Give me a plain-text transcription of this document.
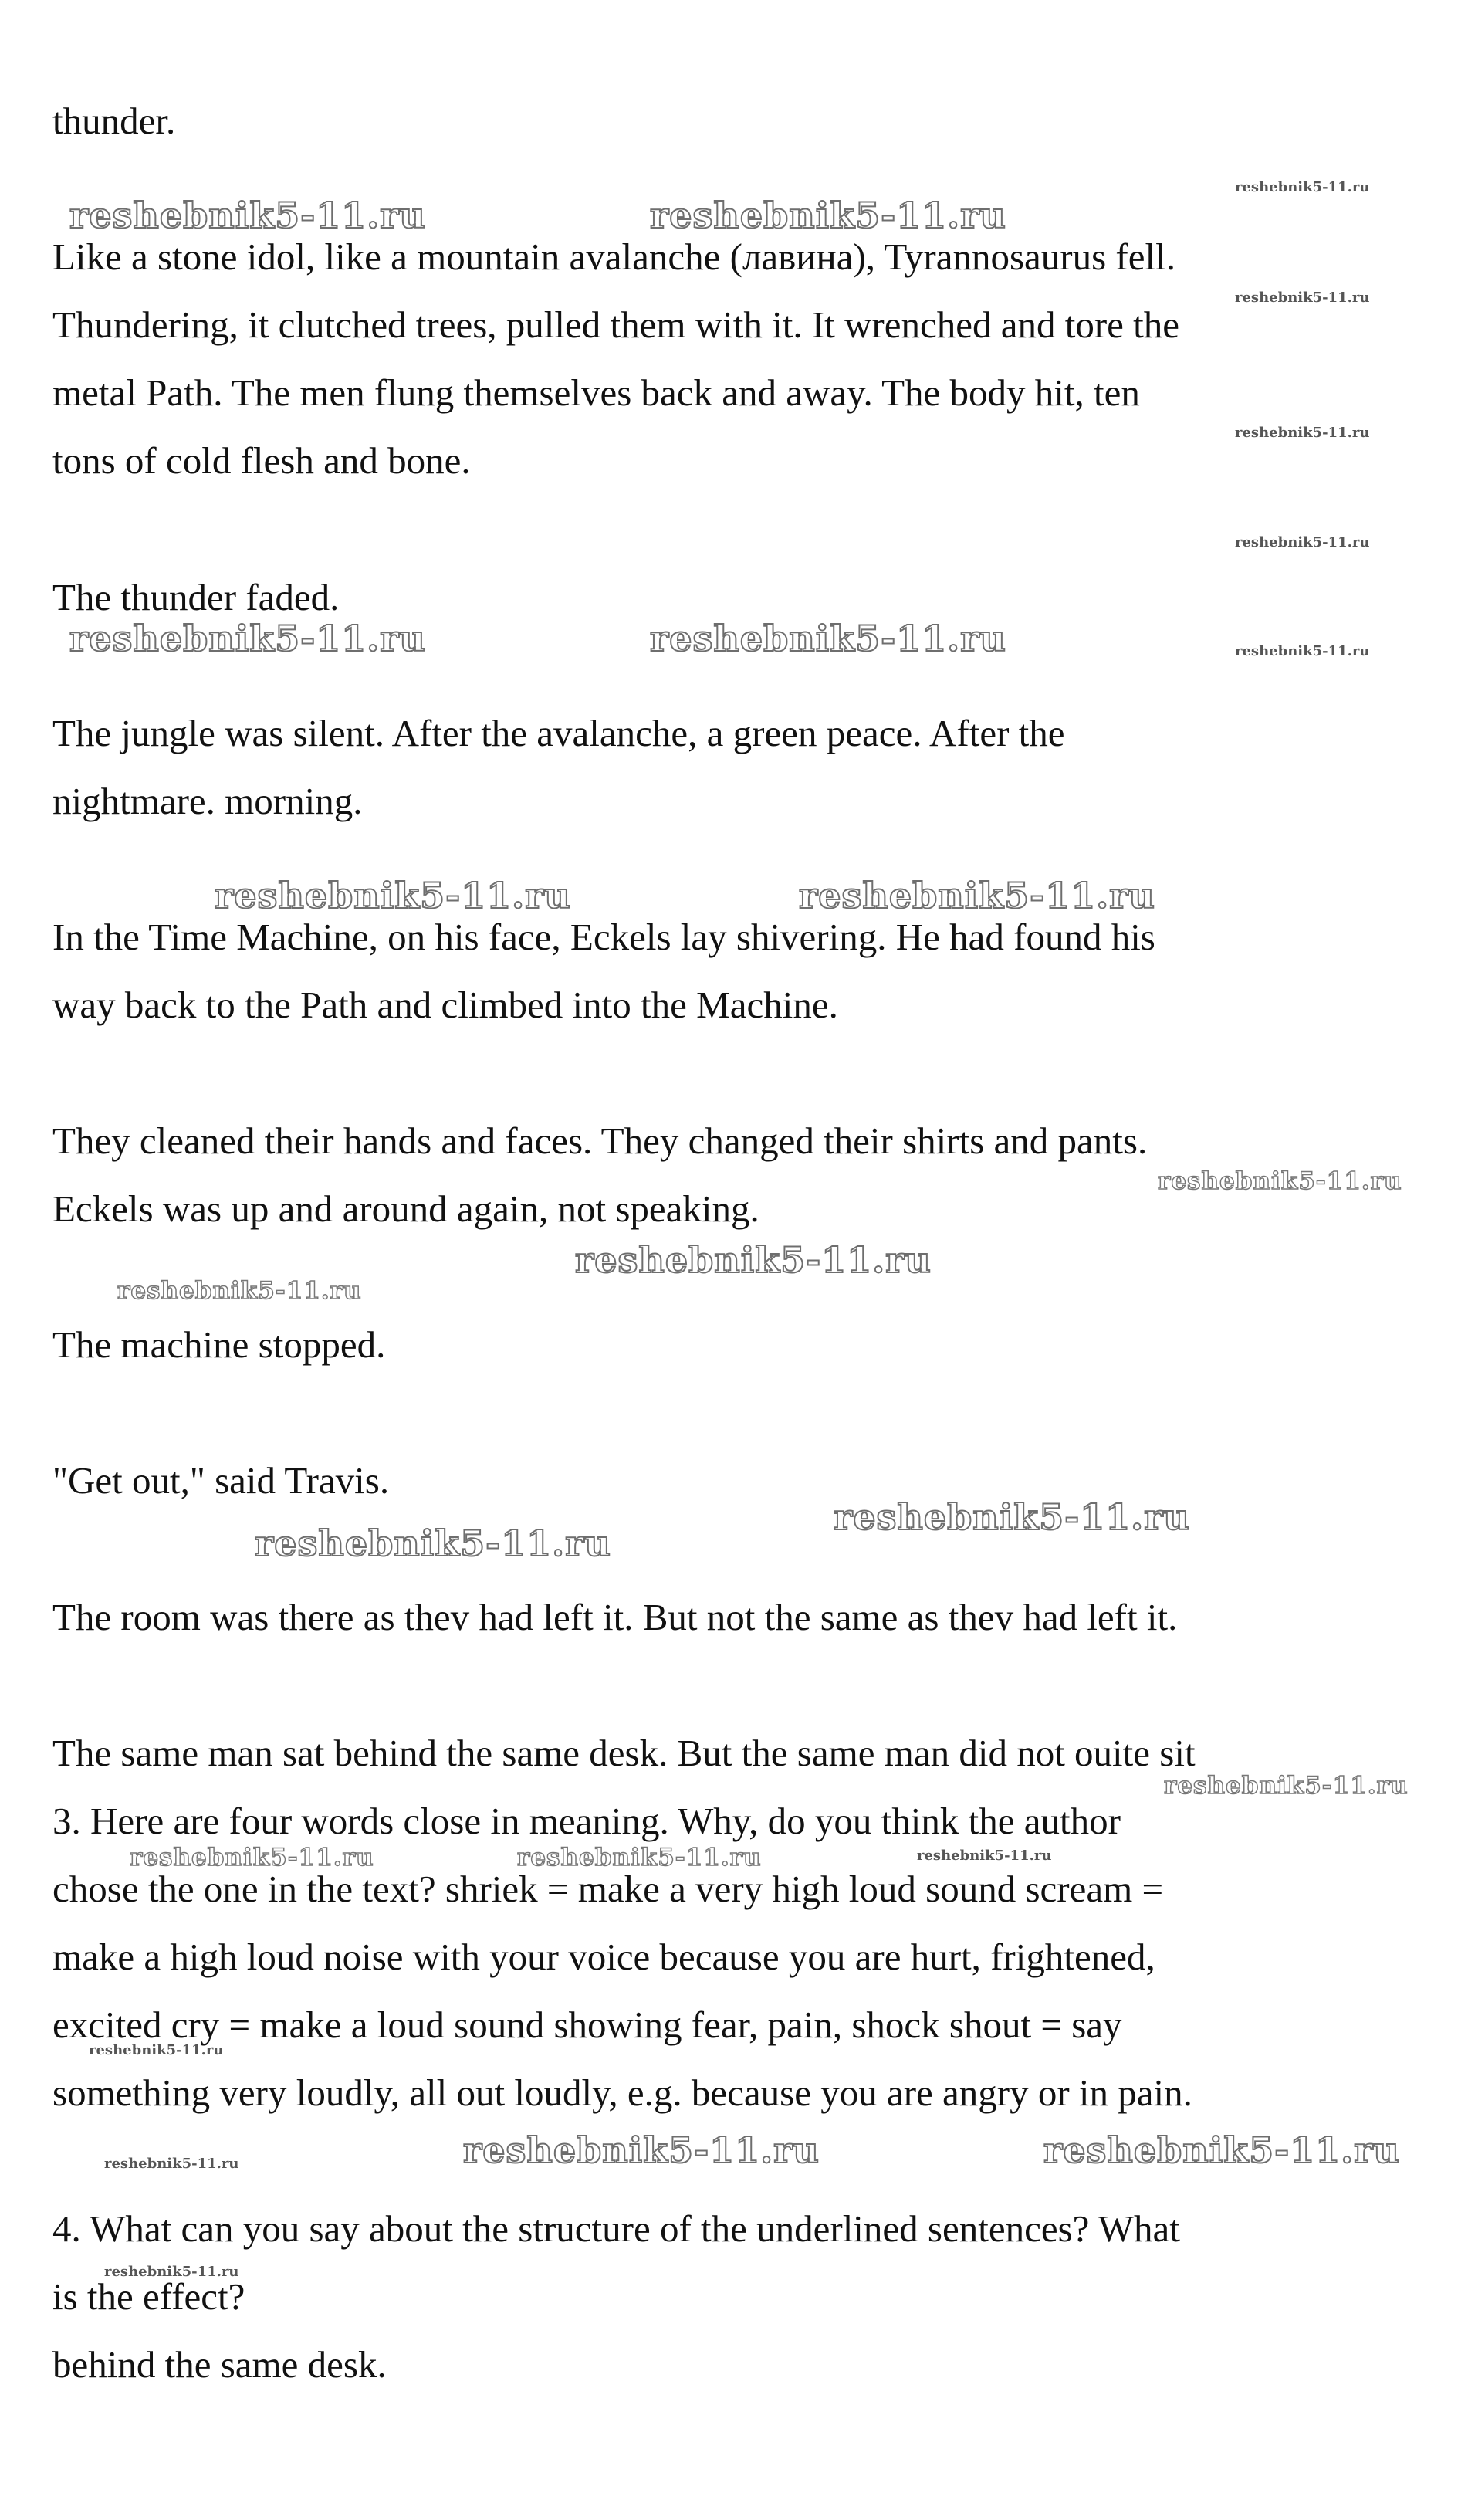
thunder.

Like a stone idol, like a mountain avalanche (лавина), Tyrannosaurus fell.

Thundering, it clutched trees, pulled them with it. It wrenched and tore the

metal Path. The men flung themselves back and away. The body hit, ten

tons of cold flesh and bone.

The thunder faded.

The jungle was silent. After the avalanche, a green peace. After the

nightmare. morning.

In the Time Machine, on his face, Eckels lay shivering. He had found his

way back to the Path and climbed into the Machine.

They cleaned their hands and faces. They changed their shirts and pants.

Eckels was up and around again, not speaking.

The machine stopped.

"Get out," said Travis.

The room was there as thev had left it. But not the same as thev had left it.

The same man sat behind the same desk. But the same man did not ouite sit

3. Here are four words close in meaning. Why, do you think the author

chose the one in the text? shriek = make a very high loud sound scream =

make a high loud noise with your voice because you are hurt, frightened,

excited cry = make a loud sound showing fear, pain, shock shout = say

something very loudly, all out loudly, e.g. because you are angry or in pain.

4. What can you say about the structure of the underlined sentences? What

is the effect?

behind the same desk.

reshebnik5-11.ru	reshebnik5-11.ru
reshebnik5-11.ru
reshebnik5-11.ru
reshebnik5-11.ru
reshebnik5-11.ru
reshebnik5-11.ru	reshebnik5-11.ru	reshebnik5-11.ru
reshebnik5-11.ru	reshebnik5-11.ru
reshebnik5-11.ru
reshebnik5-11.ru
reshebnik5-11.ru
reshebnik5-11.ru
reshebnik5-11.ru
reshebnik5-11.ru
reshebnik5-11.ru	reshebnik5-11.ru	reshebnik5-11.ru
reshebnik5-11.ru
reshebnik5-11.ru	reshebnik5-11.ru	reshebnik5-11.ru
reshebnik5-11.ru
